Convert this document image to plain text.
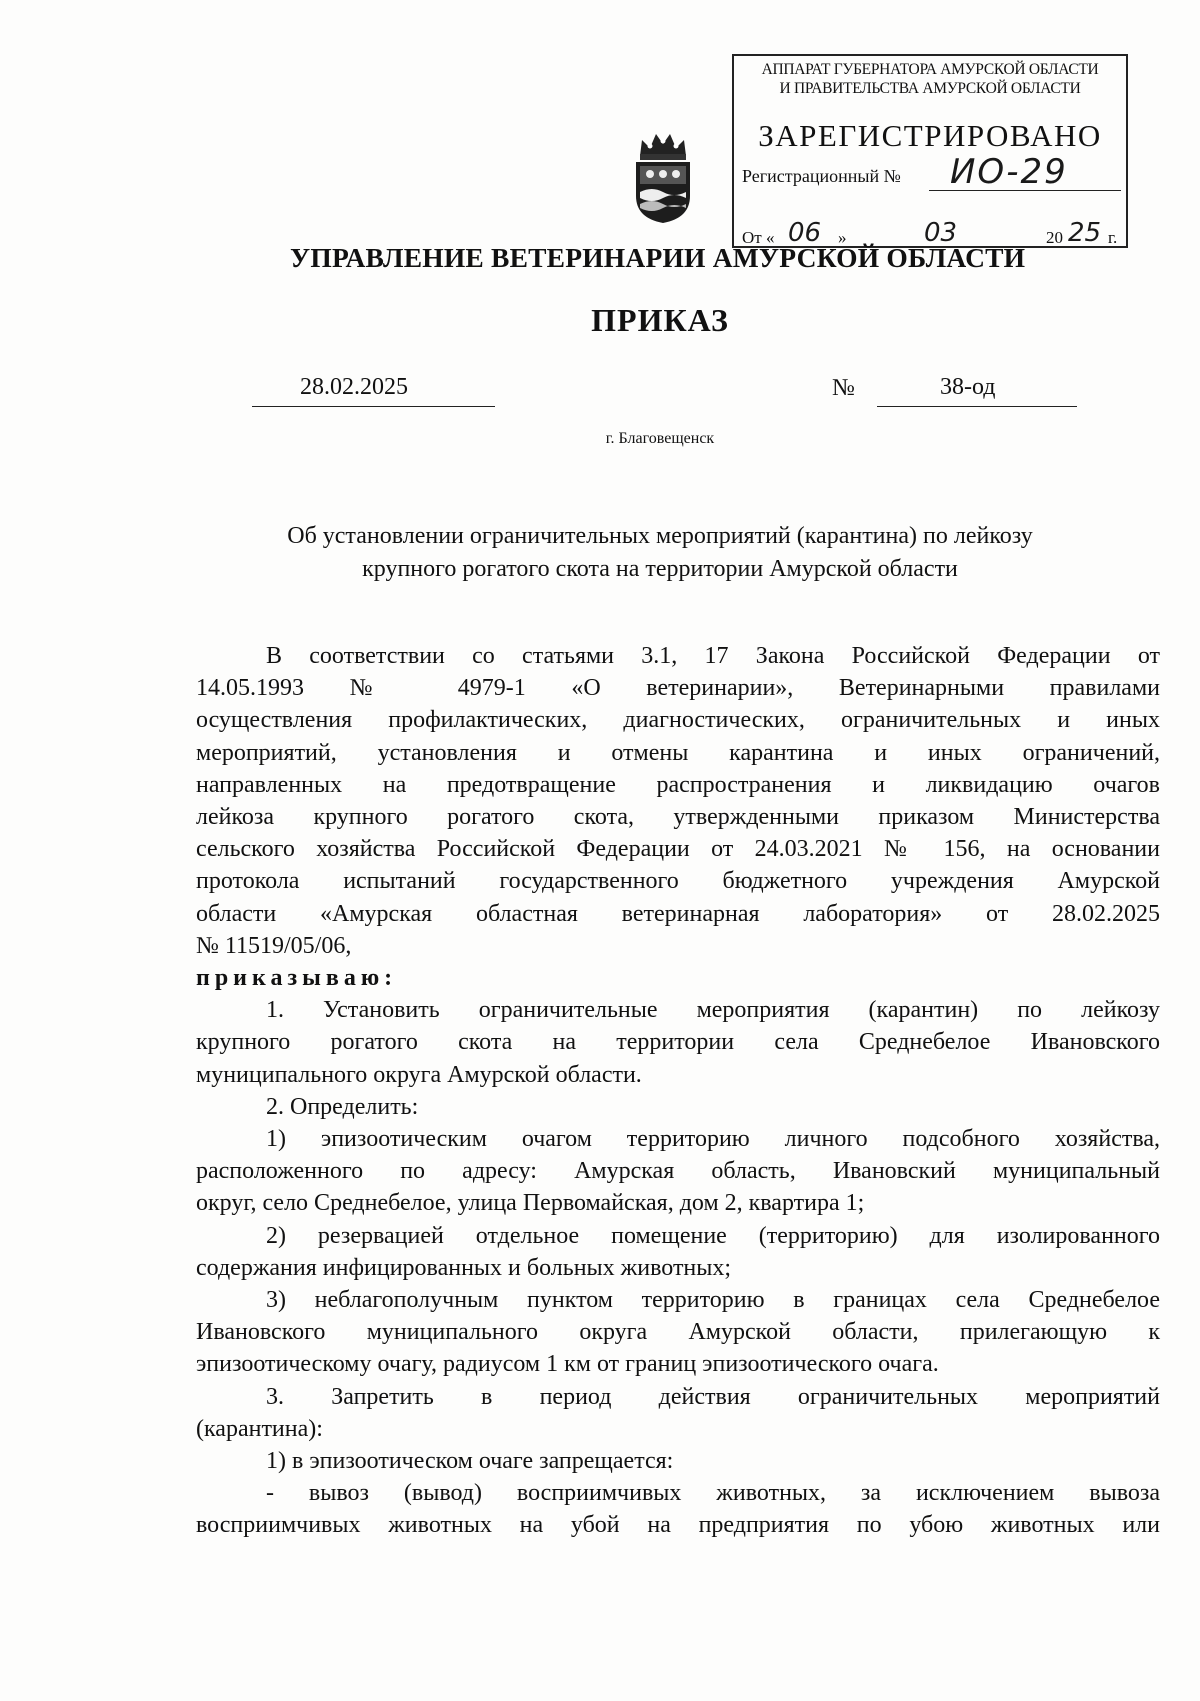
АППАРАТ ГУБЕРНАТОРА АМУРСКОЙ ОБЛАСТИ
И ПРАВИТЕЛЬСТВА АМУРСКОЙ ОБЛАСТИ
ЗАРЕГИСТРИРОВАНО
Регистрационный № ИО-29
От « 06 »	03	20 25 г.
УПРАВЛЕНИЕ ВЕТЕРИНАРИИ АМУРСКОЙ ОБЛАСТИ
ПРИКАЗ
28.02.2025	№	38-од
г. Благовещенск
Об установлении ограничительных мероприятий (карантина) по лейкозу
крупного рогатого скота на территории Амурской области
В соответствии со статьями 3.1, 17 Закона Российской Федерации от
14.05.1993 № 4979-1 «О ветеринарии», Ветеринарными правилами
осуществления профилактических, диагностических, ограничительных и иных
мероприятий, установления и отмены карантина и иных ограничений,
направленных на предотвращение распространения и ликвидацию очагов
лейкоза крупного рогатого скота, утвержденными приказом Министерства
сельского хозяйства Российской Федерации от 24.03.2021 № 156, на основании
протокола испытаний государственного бюджетного учреждения Амурской
области «Амурская областная ветеринарная лаборатория» от 28.02.2025
№ 11519/05/06,
приказываю:
1. Установить ограничительные мероприятия (карантин) по лейкозу
крупного рогатого скота на территории села Среднебелое Ивановского
муниципального округа Амурской области.
2. Определить:
1) эпизоотическим очагом территорию личного подсобного хозяйства,
расположенного по адресу: Амурская область, Ивановский муниципальный
округ, село Среднебелое, улица Первомайская, дом 2, квартира 1;
2) резервацией отдельное помещение (территорию) для изолированного
содержания инфицированных и больных животных;
3) неблагополучным пунктом территорию в границах села Среднебелое
Ивановского муниципального округа Амурской области, прилегающую к
эпизоотическому очагу, радиусом 1 км от границ эпизоотического очага.
3. Запретить в период действия ограничительных мероприятий
(карантина):
1) в эпизоотическом очаге запрещается:
- вывоз (вывод) восприимчивых животных, за исключением вывоза
восприимчивых животных на убой на предприятия по убою животных или
